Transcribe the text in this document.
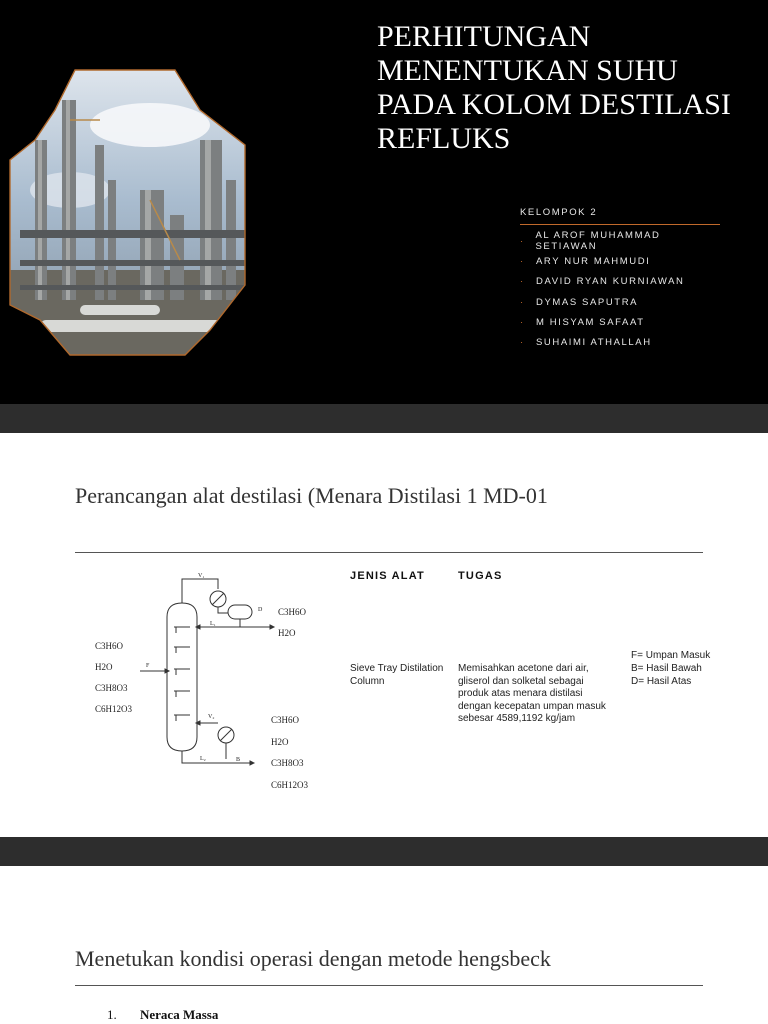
PERHITUNGAN MENENTUKAN SUHU PADA KOLOM DESTILASI REFLUKS
KELOMPOK 2
·	AL AROF MUHAMMAD SETIAWAN
·	ARY NUR MAHMUDI
·	DAVID RYAN KURNIAWAN
·	DYMAS SAPUTRA
·	M HISYAM SAFAAT
·	SUHAIMI ATHALLAH
Perancangan alat destilasi (Menara Distilasi 1 MD-01
V₁
D
L₁
F
V₂
L₂	B
C3H6O
H2O
C3H6O
H2O
C3H8O3
C6H12O3
C3H6O
H2O
C3H8O3
C6H12O3
JENIS ALAT	TUGAS
Sieve Tray Distilation Column
Memisahkan acetone dari air, gliserol dan solketal sebagai produk atas menara distilasi dengan kecepatan umpan masuk sebesar 4589,1192 kg/jam
F= Umpan Masuk
B= Hasil Bawah
D= Hasil Atas
Menetukan kondisi operasi dengan metode hengsbeck
1. Neraca Massa
